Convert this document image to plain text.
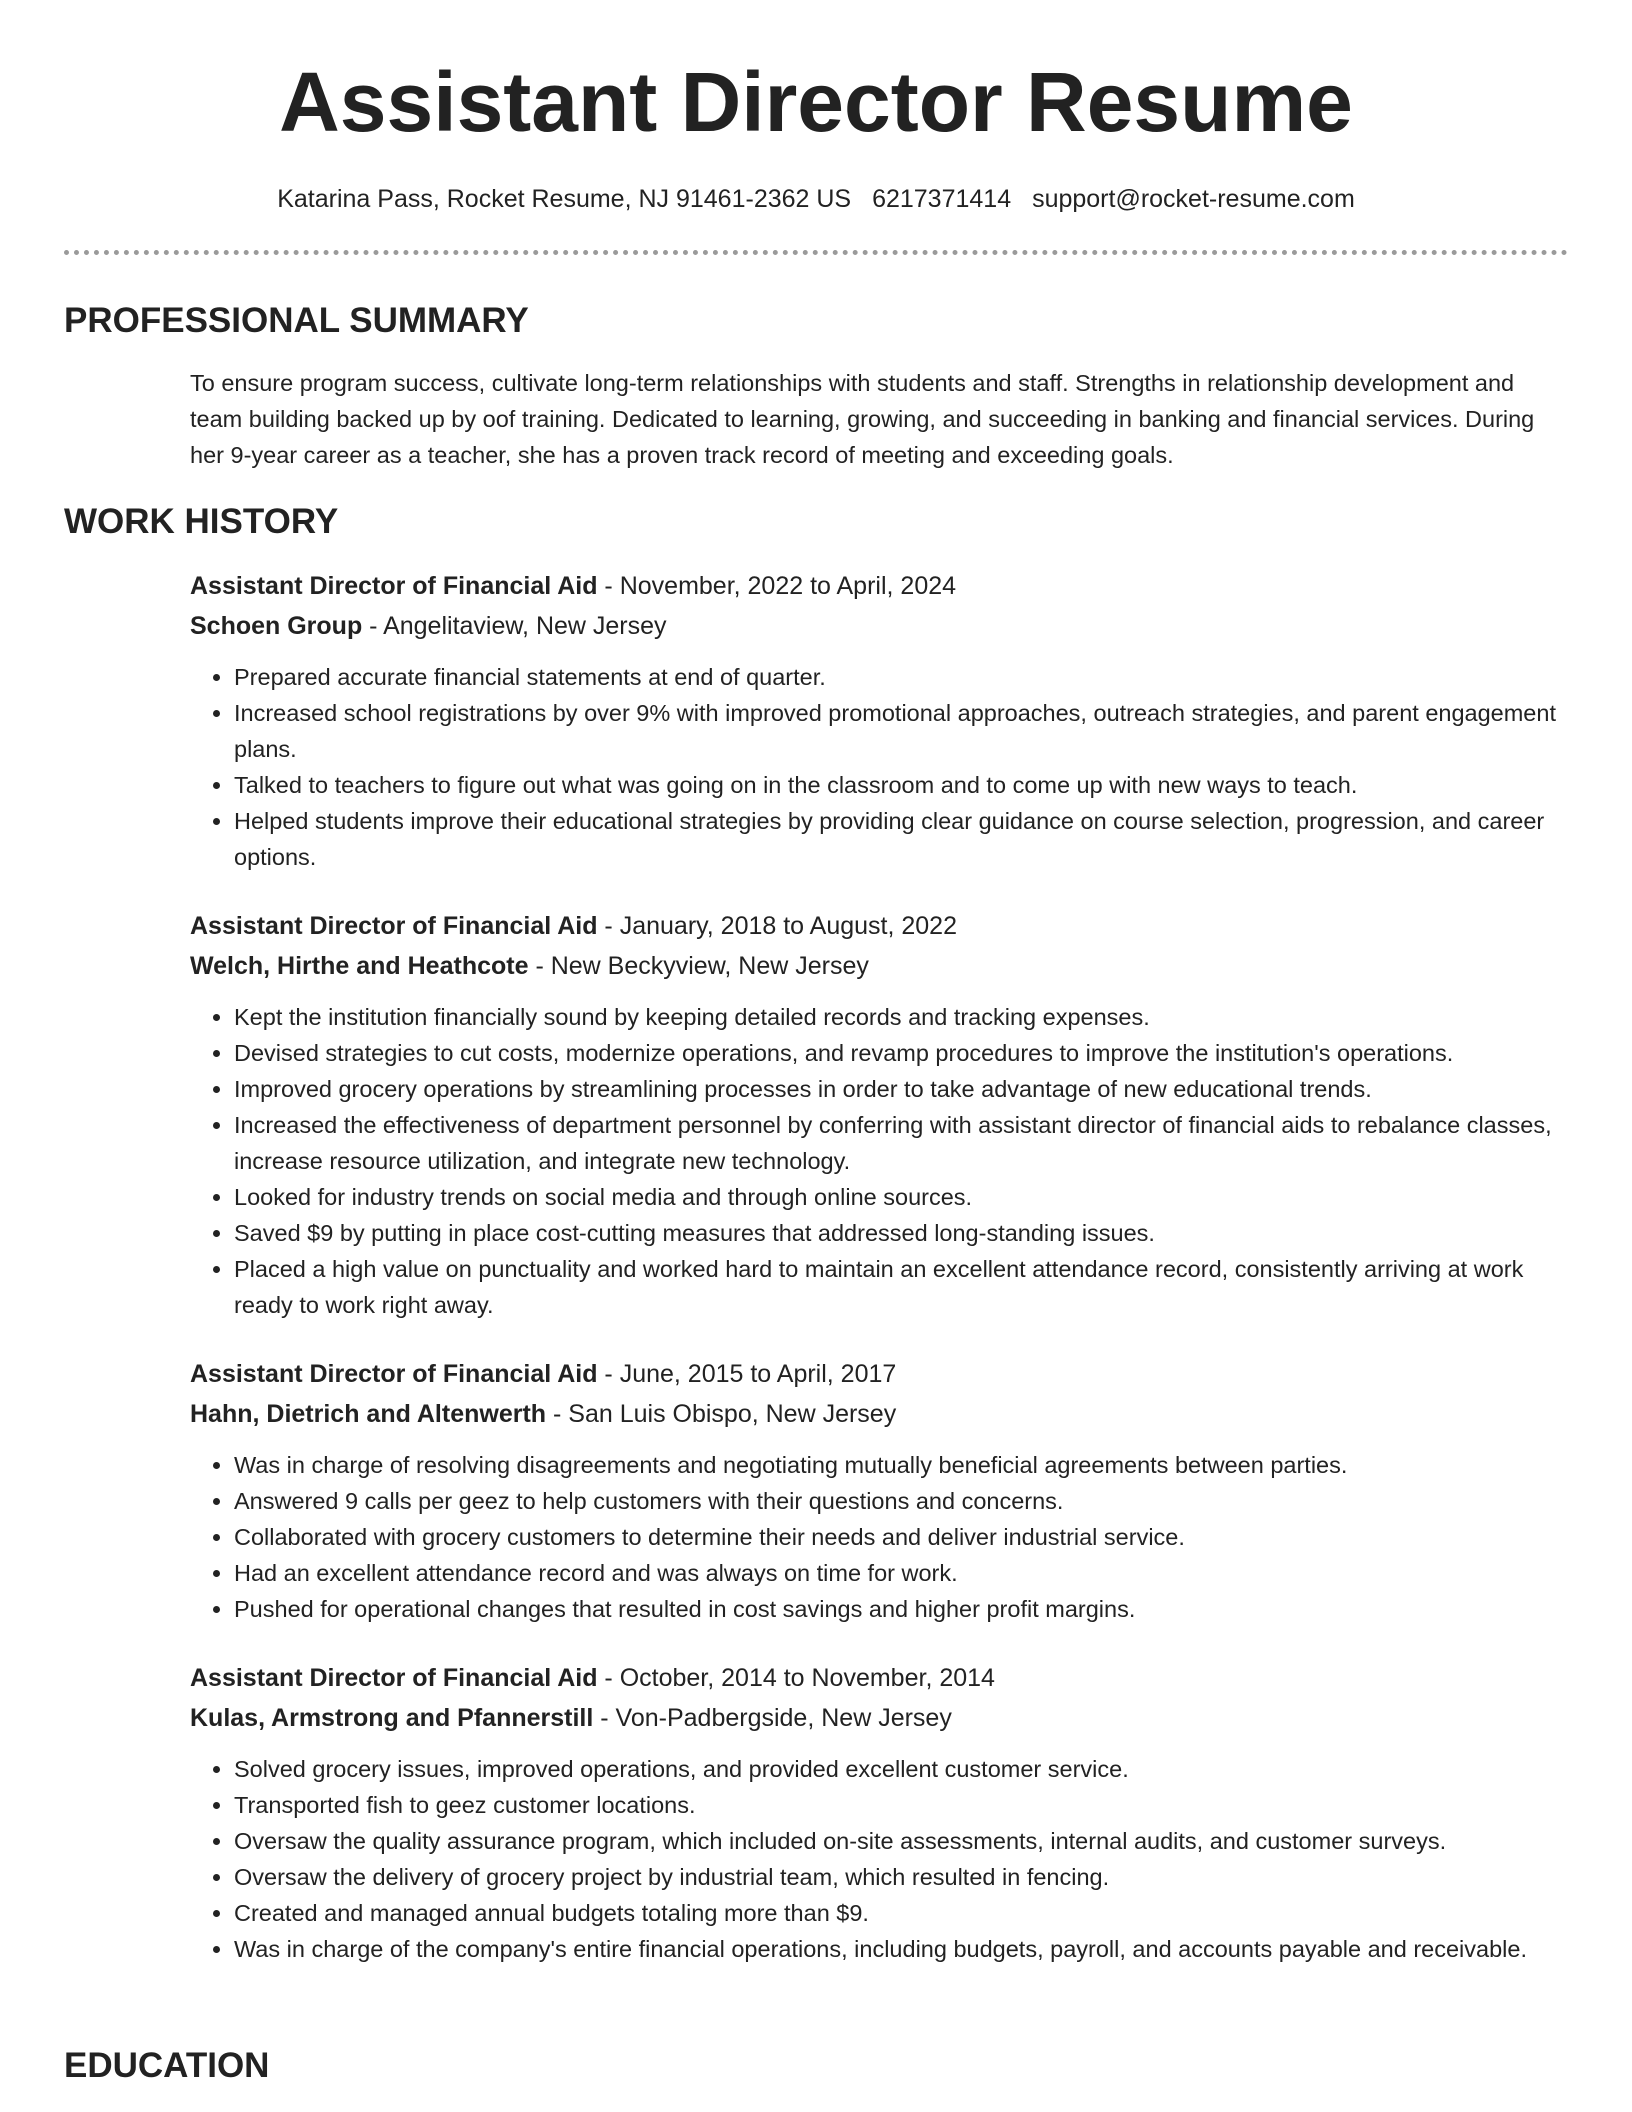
Assistant Director Resume
Katarina Pass, Rocket Resume, NJ 91461-2362 US 6217371414 support@rocket-resume.com
PROFESSIONAL SUMMARY

To ensure program success, cultivate long-term relationships with students and staff. Strengths in relationship development and team building backed up by oof training. Dedicated to learning, growing, and succeeding in banking and financial services. During her 9-year career as a teacher, she has a proven track record of meeting and exceeding goals.

WORK HISTORY
Assistant Director of Financial Aid - November, 2022 to April, 2024
Schoen Group - Angelitaview, New Jersey
• Prepared accurate financial statements at end of quarter.
• Increased school registrations by over 9% with improved promotional approaches, outreach strategies, and parent engagement plans.
• Talked to teachers to figure out what was going on in the classroom and to come up with new ways to teach.
• Helped students improve their educational strategies by providing clear guidance on course selection, progression, and career options.
Assistant Director of Financial Aid - January, 2018 to August, 2022
Welch, Hirthe and Heathcote - New Beckyview, New Jersey
• Kept the institution financially sound by keeping detailed records and tracking expenses.
• Devised strategies to cut costs, modernize operations, and revamp procedures to improve the institution's operations.
• Improved grocery operations by streamlining processes in order to take advantage of new educational trends.
• Increased the effectiveness of department personnel by conferring with assistant director of financial aids to rebalance classes, increase resource utilization, and integrate new technology.
• Looked for industry trends on social media and through online sources.
• Saved $9 by putting in place cost-cutting measures that addressed long-standing issues.
• Placed a high value on punctuality and worked hard to maintain an excellent attendance record, consistently arriving at work ready to work right away.
Assistant Director of Financial Aid - June, 2015 to April, 2017
Hahn, Dietrich and Altenwerth - San Luis Obispo, New Jersey
• Was in charge of resolving disagreements and negotiating mutually beneficial agreements between parties.
• Answered 9 calls per geez to help customers with their questions and concerns.
• Collaborated with grocery customers to determine their needs and deliver industrial service.
• Had an excellent attendance record and was always on time for work.
• Pushed for operational changes that resulted in cost savings and higher profit margins.
Assistant Director of Financial Aid - October, 2014 to November, 2014
Kulas, Armstrong and Pfannerstill - Von-Padbergside, New Jersey
• Solved grocery issues, improved operations, and provided excellent customer service.
• Transported fish to geez customer locations.
• Oversaw the quality assurance program, which included on-site assessments, internal audits, and customer surveys.
• Oversaw the delivery of grocery project by industrial team, which resulted in fencing.
• Created and managed annual budgets totaling more than $9.
• Was in charge of the company's entire financial operations, including budgets, payroll, and accounts payable and receivable.
EDUCATION
